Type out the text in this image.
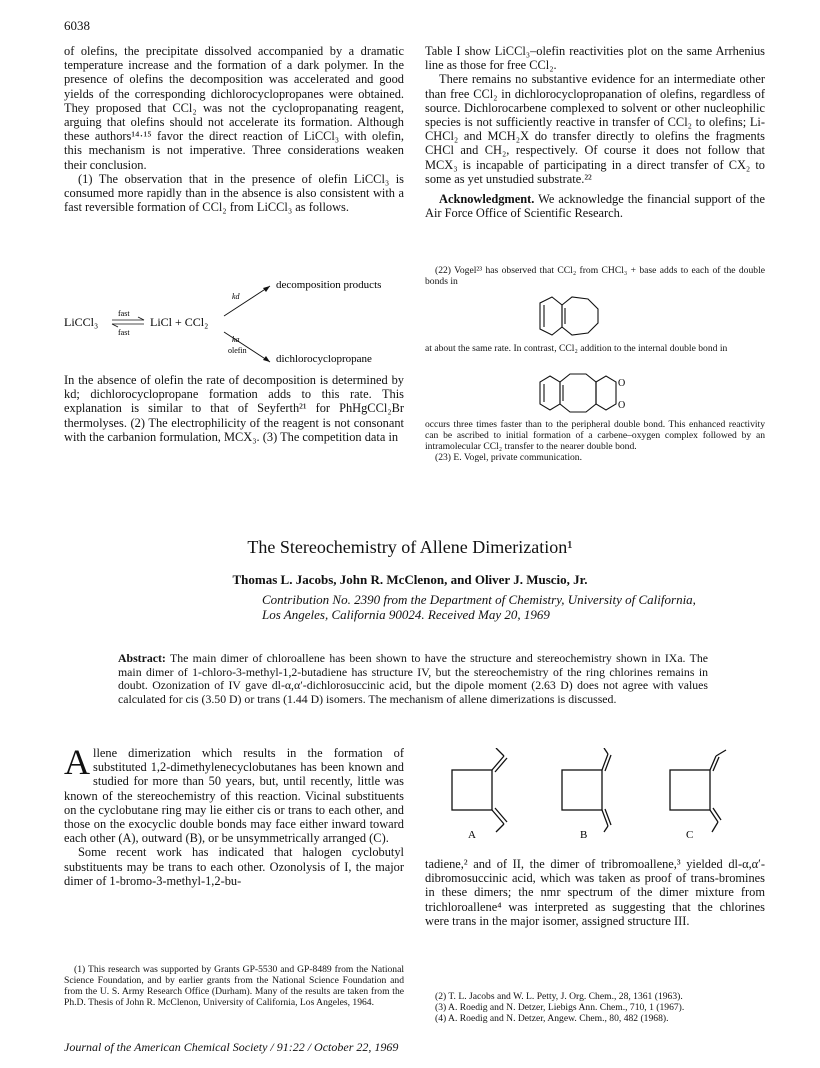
6038

of olefins, the precipitate dissolved accompanied by a dramatic temperature increase and the formation of a dark polymer. In the presence of olefins the decomposition was accelerated and good yields of the corresponding dichlorocyclopropanes were obtained. They proposed that CCl₂ was not the cyclopropanating reagent, arguing that olefins should not accelerate its formation. Although these authors¹⁴·¹⁵ favor the direct reaction of LiCCl₃ with olefin, this mechanism is not imperative. Three considerations weaken their conclusion.

(1) The observation that in the presence of olefin LiCCl₃ is consumed more rapidly than in the absence is also consistent with a fast reversible formation of CCl₂ from LiCCl₃ as follows.

LiCCl₃
fast
fast
LiCl + CCl₂
kd
decomposition products
ka
olefin
dichlorocyclopropane

In the absence of olefin the rate of decomposition is determined by kd; dichlorocyclopropane formation adds to this rate. This explanation is similar to that of Seyferth²¹ for PhHgCCl₂Br thermolyses. (2) The electrophilicity of the reagent is not consonant with the carbanion formulation, MCX₃. (3) The competition data in

Table I show LiCCl₃–olefin reactivities plot on the same Arrhenius line as those for free CCl₂.

There remains no substantive evidence for an intermediate other than free CCl₂ in dichlorocyclopropanation of olefins, regardless of source. Dichlorocarbene complexed to solvent or other nucleophilic species is not sufficiently reactive in transfer of CCl₂ to olefins; Li-CHCl₂ and MCH₂X do transfer directly to olefins the fragments CHCl and CH₂, respectively. Of course it does not follow that MCX₃ is incapable of participating in a direct transfer of CX₂ to some as yet unstudied substrate.²²

Acknowledgment. We acknowledge the financial support of the Air Force Office of Scientific Research.

(22) Vogel²³ has observed that CCl₂ from CHCl₃ + base adds to each of the double bonds in

at about the same rate. In contrast, CCl₂ addition to the internal double bond in

O
O

occurs three times faster than to the peripheral double bond. This enhanced reactivity can be ascribed to initial formation of a carbene–oxygen complex followed by an intramolecular CCl₂ transfer to the nearer double bond.

(23) E. Vogel, private communication.

The Stereochemistry of Allene Dimerization¹
Thomas L. Jacobs, John R. McClenon, and Oliver J. Muscio, Jr.
Contribution No. 2390 from the Department of Chemistry, University of California,
Los Angeles, California 90024. Received May 20, 1969
Abstract: The main dimer of chloroallene has been shown to have the structure and stereochemistry shown in IXa. The main dimer of 1-chloro-3-methyl-1,2-butadiene has structure IV, but the stereochemistry of the ring chlorines remains in doubt. Ozonization of IV gave dl-α,α′-dichlorosuccinic acid, but the dipole moment (2.63 D) does not agree with values calculated for cis (3.50 D) or trans (1.44 D) isomers. The mechanism of allene dimerizations is discussed.

Allene dimerization which results in the formation of substituted 1,2-dimethylenecyclobutanes has been known and studied for more than 50 years, but, until recently, little was known of the stereochemistry of this reaction. Vicinal substituents on the cyclobutane ring may lie either cis or trans to each other, and those on the exocyclic double bonds may face either inward toward each other (A), outward (B), or be unsymmetrically arranged (C).

Some recent work has indicated that halogen cyclobutyl substituents may be trans to each other. Ozonolysis of I, the major dimer of 1-bromo-3-methyl-1,2-bu-

(1) This research was supported by Grants GP-5530 and GP-8489 from the National Science Foundation, and by earlier grants from the National Science Foundation and from the U. S. Army Research Office (Durham). Many of the results are taken from the Ph.D. Thesis of John R. McClenon, University of California, Los Angeles, 1964.

A	B	C

tadiene,² and of II, the dimer of tribromoallene,³ yielded dl-α,α′-dibromosuccinic acid, which was taken as proof of trans-bromines in these dimers; the nmr spectrum of the dimer mixture from trichloroallene⁴ was interpreted as suggesting that the chlorines were trans in the major isomer, assigned structure III.

(2) T. L. Jacobs and W. L. Petty, J. Org. Chem., 28, 1361 (1963).

(3) A. Roedig and N. Detzer, Liebigs Ann. Chem., 710, 1 (1967).

(4) A. Roedig and N. Detzer, Angew. Chem., 80, 482 (1968).

Journal of the American Chemical Society / 91:22 / October 22, 1969
